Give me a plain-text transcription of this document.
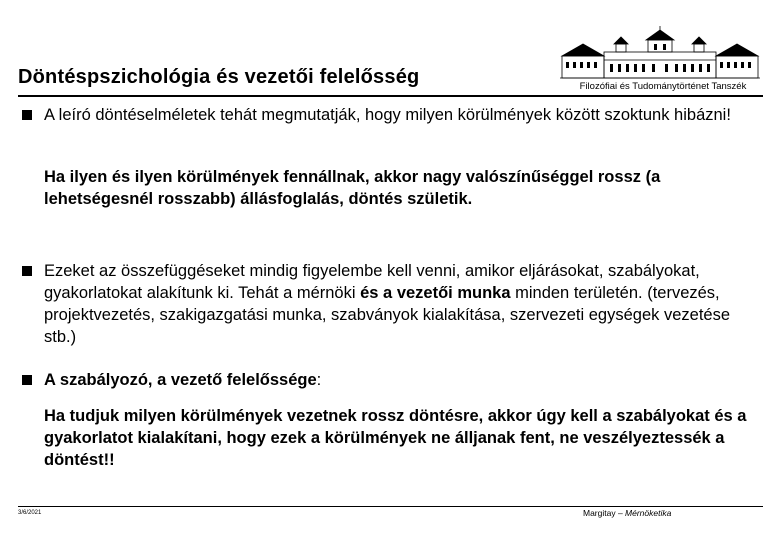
Döntéspszichológia és vezetői felelősség	Filozófiai és Tudománytörténet Tanszék
A leíró döntéselméletek tehát megmutatják, hogy milyen körülmények között szoktunk hibázni!
Ha ilyen és ilyen körülmények fennállnak, akkor nagy valószínűséggel rossz (a lehetségesnél rosszabb) állásfoglalás, döntés születik.
Ezeket az összefüggéseket mindig figyelembe kell venni, amikor eljárásokat, szabályokat, gyakorlatokat alakítunk ki. Tehát a mérnöki és a vezetői munka minden területén. (tervezés, projektvezetés, szakigazgatási munka, szabványok kialakítása, szervezeti egységek vezetése stb.)
A szabályozó, a vezető felelőssége:
Ha tudjuk milyen körülmények vezetnek rossz döntésre, akkor úgy kell a szabályokat és a gyakorlatot kialakítani, hogy ezek a körülmények ne álljanak fent, ne veszélyeztessék a döntést!!
3/6/2021	Margitay – Mérnöketika
